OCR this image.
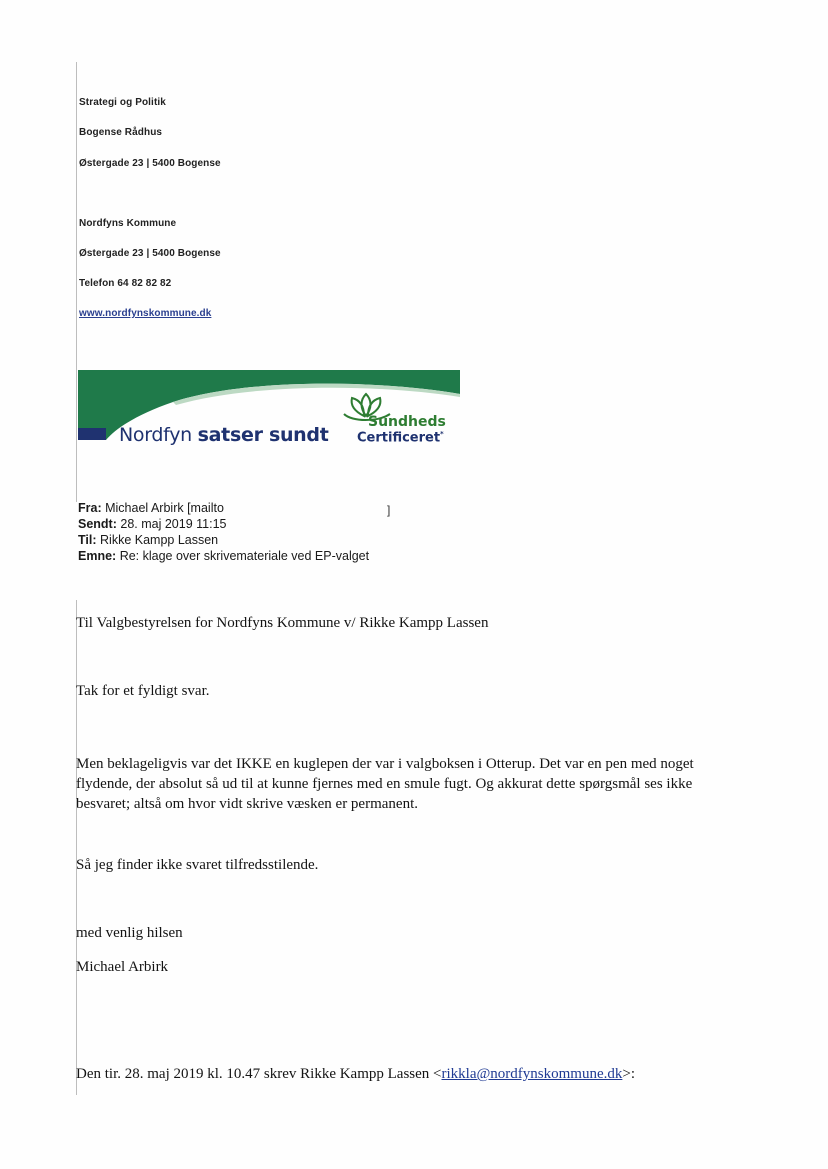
Strategi og Politik
Bogense Rådhus
Østergade 23 | 5400 Bogense
Nordfyns Kommune
Østergade 23 | 5400 Bogense
Telefon 64 82 82 82
www.nordfynskommune.dk
Nordfyn satser sundt
Sundheds
Certificeret*
Fra: Michael Arbirk [mailto	]
Sendt: 28. maj 2019 11:15
Til: Rikke Kampp Lassen
Emne: Re: klage over skrivemateriale ved EP-valget
Til Valgbestyrelsen for Nordfyns Kommune v/ Rikke Kampp Lassen
Tak for et fyldigt svar.
Men beklageligvis var det IKKE en kuglepen der var i valgboksen i Otterup. Det var en pen med noget flydende, der absolut så ud til at kunne fjernes med en smule fugt. Og akkurat dette spørgsmål ses ikke besvaret; altså om hvor vidt skrive væsken er permanent.
Så jeg finder ikke svaret tilfredsstilende.
med venlig hilsen
Michael Arbirk
Den tir. 28. maj 2019 kl. 10.47 skrev Rikke Kampp Lassen <rikkla@nordfynskommune.dk>:
